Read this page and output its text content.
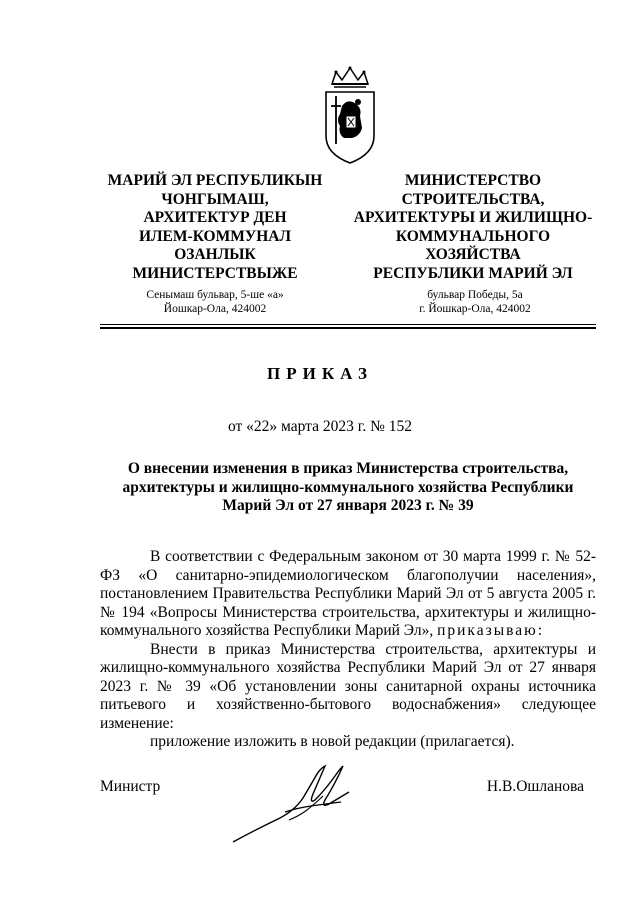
МАРИЙ ЭЛ РЕСПУБЛИКЫН
ЧОНГЫМАШ,
АРХИТЕКТУР ДЕН
ИЛЕМ-КОММУНАЛ
ОЗАНЛЫК
МИНИСТЕРСТВЫЖЕ
МИНИСТЕРСТВО
СТРОИТЕЛЬСТВА,
АРХИТЕКТУРЫ И ЖИЛИЩНО-
КОММУНАЛЬНОГО
ХОЗЯЙСТВА
РЕСПУБЛИКИ МАРИЙ ЭЛ
Сенымаш бульвар, 5-ше «а»
Йошкар-Ола, 424002
бульвар Победы, 5а
г. Йошкар-Ола, 424002
ПРИКАЗ
от «22» марта 2023 г. № 152
О внесении изменения в приказ Министерства строительства, архитектуры и жилищно-коммунального хозяйства Республики Марий Эл от 27 января 2023 г. № 39

В соответствии с Федеральным законом от 30 марта 1999 г. № 52-ФЗ «О санитарно-эпидемиологическом благополучии населения», постановлением Правительства Республики Марий Эл от 5 августа 2005 г. № 194 «Вопросы Министерства строительства, архитектуры и жилищно-коммунального хозяйства Республики Марий Эл», приказываю:

Внести в приказ Министерства строительства, архитектуры и жилищно-коммунального хозяйства Республики Марий Эл от 27 января 2023 г. № 39 «Об установлении зоны санитарной охраны источника питьевого и хозяйственно-бытового водоснабжения» следующее изменение:

приложение изложить в новой редакции (прилагается).

Министр	Н.В.Ошланова
